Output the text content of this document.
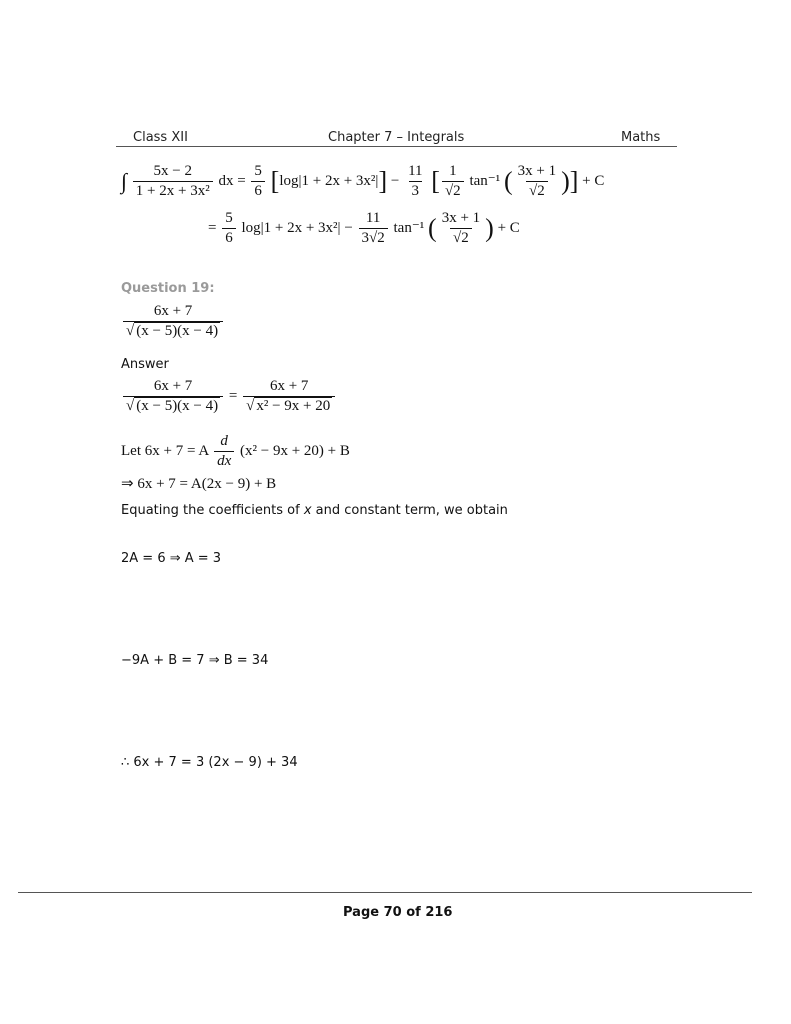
Class XII	Chapter 7 – Integrals	Maths
∫ $\frac{5x - 2}{\text{1 + 2x + 3x²}}$ dx = $\frac{5}{6} [\log|1 + 2x + 3x^2|] - \frac{11}{3}$ [ $\frac{1}{√2} \tan^{-1}$ ( $\frac{3x + 1}{√2}$ )] + C
= $\frac{5}{6} \log|1 + 2x + 3x^2| - \frac{11}{3√2} \tan^{-1}$ ( $\frac{3x + 1}{√2}$ ) + C
Question 19:
$\frac{6x + 7}{√ (x - 5)(x - 4)}$
Answer
$\frac{6x + 7}{√ (x - 5)(x - 4)} = \frac{6x + 7}{\text{√ x² − 9x + 20}}$
Let 6x + 7 = A $\frac{d}{dx} (x^2 - 9x + 20) + B$
⇒ 6x + 7 = A(2x − 9) + B
Equating the coefficients of x and constant term, we obtain
2A = 6 ⇒ A = 3
−9A + B = 7 ⇒ B = 34
∴ 6x + 7 = 3 (2x − 9) + 34
Page 70 of 216
